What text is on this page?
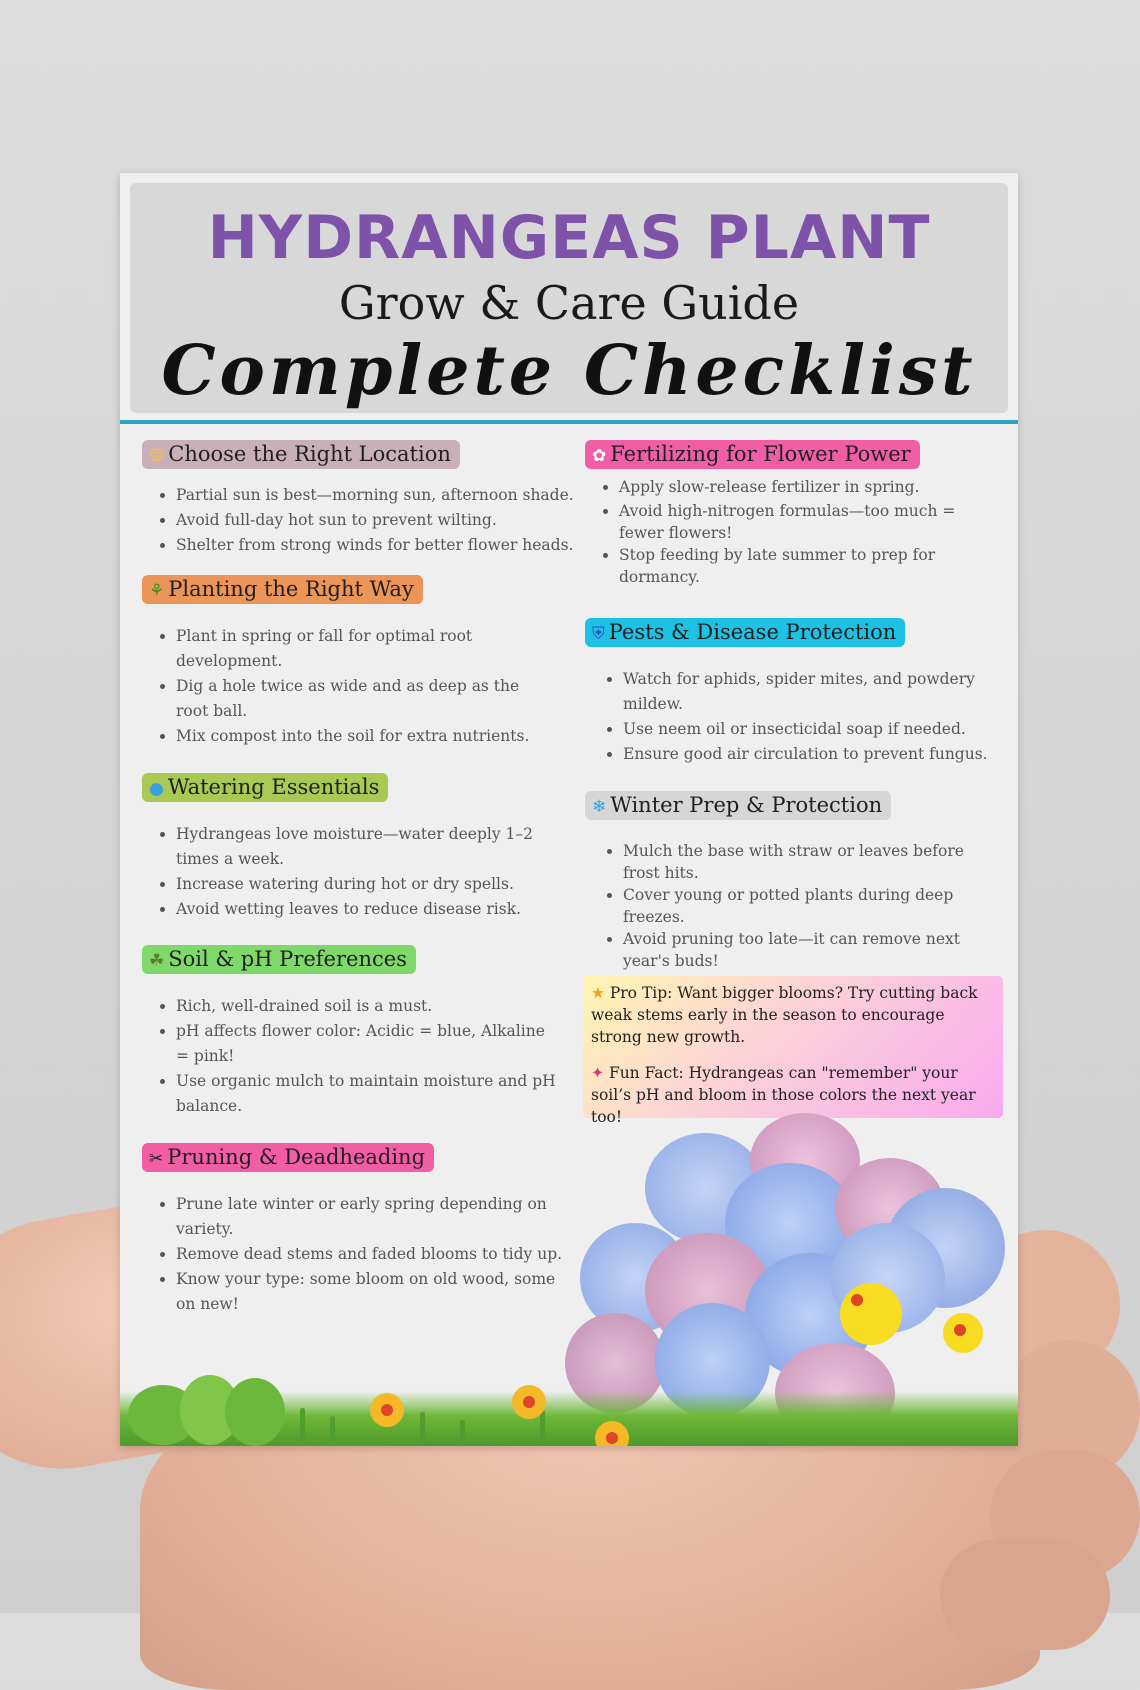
HYDRANGEAS PLANT
Grow & Care Guide
Complete Checklist
☺ Choose the Right Location
• Partial sun is best—morning sun, afternoon shade.
• Avoid full-day hot sun to prevent wilting.
• Shelter from strong winds for better flower heads.
⚘ Planting the Right Way
• Plant in spring or fall for optimal root development.
• Dig a hole twice as wide and as deep as the root ball.
• Mix compost into the soil for extra nutrients.
● Watering Essentials
• Hydrangeas love moisture—water deeply 1–2 times a week.
• Increase watering during hot or dry spells.
• Avoid wetting leaves to reduce disease risk.
☘ Soil & pH Preferences
• Rich, well-drained soil is a must.
• pH affects flower color: Acidic = blue, Alkaline = pink!
• Use organic mulch to maintain moisture and pH balance.
✂ Pruning & Deadheading
• Prune late winter or early spring depending on variety.
• Remove dead stems and faded blooms to tidy up.
• Know your type: some bloom on old wood, some on new!
✿ Fertilizing for Flower Power
• Apply slow-release fertilizer in spring.
• Avoid high-nitrogen formulas—too much = fewer flowers!
• Stop feeding by late summer to prep for dormancy.
⛨ Pests & Disease Protection
• Watch for aphids, spider mites, and powdery mildew.
• Use neem oil or insecticidal soap if needed.
• Ensure good air circulation to prevent fungus.
❄ Winter Prep & Protection
• Mulch the base with straw or leaves before frost hits.
• Cover young or potted plants during deep freezes.
• Avoid pruning too late—it can remove next year's buds!

★ Pro Tip: Want bigger blooms? Try cutting back weak stems early in the season to encourage strong new growth.

✦ Fun Fact: Hydrangeas can "remember" your soil’s pH and bloom in those colors the next year too!
